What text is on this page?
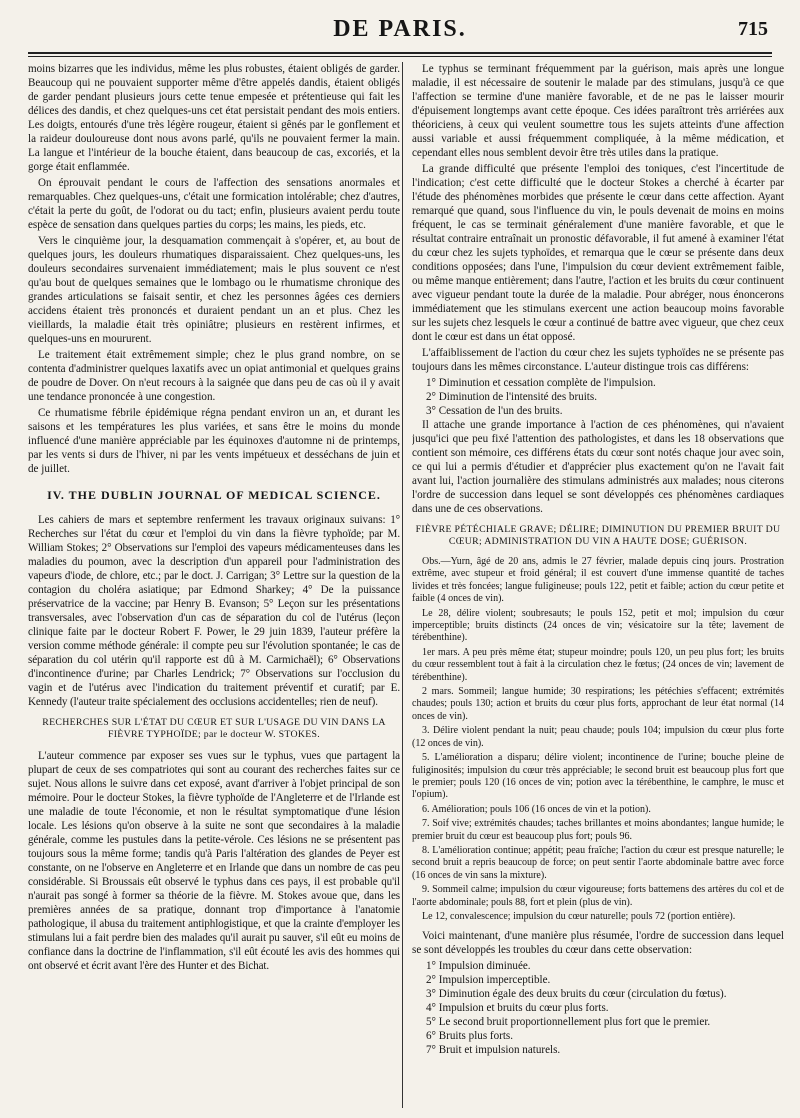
DE PARIS.	715

moins bizarres que les individus, même les plus robustes, étaient obligés de garder. Beaucoup qui ne pouvaient supporter même d'être appelés dandis, étaient obligés de garder pendant plusieurs jours cette tenue empesée et prétentieuse qui fait les délices des dandis, et chez quelques-uns cet état persistait pendant des mois entiers. Les doigts, entourés d'une très légère rougeur, étaient si gênés par le gonflement et la raideur douloureuse dont nous avons parlé, qu'ils ne pouvaient fermer la main. La langue et l'intérieur de la bouche étaient, dans beaucoup de cas, excoriés, et la gorge était enflammée.

On éprouvait pendant le cours de l'affection des sensations anormales et remarquables. Chez quelques-uns, c'était une formication intolérable; chez d'autres, c'était la perte du goût, de l'odorat ou du tact; enfin, plusieurs avaient perdu toute espèce de sensation dans quelques parties du corps; les mains, les pieds, etc.

Vers le cinquième jour, la desquamation commençait à s'opérer, et, au bout de quelques jours, les douleurs rhumatiques disparaissaient. Chez quelques-uns, les douleurs secondaires survenaient immédiatement; mais le plus souvent ce n'est qu'au bout de quelques semaines que le lombago ou le rhumatisme chronique des grandes articulations se faisait sentir, et chez les personnes âgées ces derniers accidens étaient très prononcés et duraient pendant un an et plus. Chez les vieillards, la maladie était très opiniâtre; plusieurs en restèrent infirmes, et quelques-uns en moururent.

Le traitement était extrêmement simple; chez le plus grand nombre, on se contenta d'administrer quelques laxatifs avec un opiat antimonial et quelques grains de poudre de Dover. On n'eut recours à la saignée que dans peu de cas où il y avait une tendance prononcée à une congestion.

Ce rhumatisme fébrile épidémique régna pendant environ un an, et durant les saisons et les températures les plus variées, et sans être le moins du monde influencé d'une manière appréciable par les équinoxes d'automne ni de printemps, par les vents si durs de l'hiver, ni par les vents impétueux et desséchans de juin et de juillet.

IV. THE DUBLIN JOURNAL OF MEDICAL SCIENCE.

Les cahiers de mars et septembre renferment les travaux originaux suivans: 1° Recherches sur l'état du cœur et l'emploi du vin dans la fièvre typhoïde; par M. William Stokes; 2° Observations sur l'emploi des vapeurs médicamenteuses dans les maladies du poumon, avec la description d'un appareil pour l'administration des vapeurs d'iode, de chlore, etc.; par le doct. J. Carrigan; 3° Lettre sur la question de la contagion du choléra asiatique; par Edmond Sharkey; 4° De la puissance préservatrice de la vaccine; par Henry B. Evanson; 5° Leçon sur les présentations transversales, avec l'observation d'un cas de séparation du col de l'utérus (leçon clinique faite par le docteur Robert F. Power, le 29 juin 1839, l'auteur préfère la version comme méthode générale: il compte peu sur l'évolution spontanée; le cas de séparation du col utérin qu'il rapporte est dû à M. Carmichaël); 6° Observations d'incontinence d'urine; par Charles Lendrick; 7° Observations sur l'occlusion du vagin et de l'utérus avec l'indication du traitement préventif et curatif; par E. Kennedy (l'auteur traite spécialement des occlusions accidentelles; rien de neuf).

RECHERCHES SUR L'ÉTAT DU CŒUR ET SUR L'USAGE DU VIN DANS LA FIÈVRE TYPHOÏDE; par le docteur W. STOKES.

L'auteur commence par exposer ses vues sur le typhus, vues que partagent la plupart de ceux de ses compatriotes qui sont au courant des recherches faites sur ce sujet. Nous allons le suivre dans cet exposé, avant d'arriver à l'objet principal de son mémoire. Pour le docteur Stokes, la fièvre typhoïde de l'Angleterre et de l'Irlande est une maladie de toute l'économie, et non le résultat symptomatique d'une lésion locale. Les lésions qu'on observe à la suite ne sont que secondaires à la maladie générale, comme les pustules dans la petite-vérole. Ces lésions ne se présentent pas toujours sous la même forme; tandis qu'à Paris l'altération des glandes de Peyer est constante, on ne l'observe en Angleterre et en Irlande que dans un nombre de cas peu considérable. Si Broussais eût observé le typhus dans ces pays, il est probable qu'il n'aurait pas songé à former sa théorie de la fièvre. M. Stokes avoue que, dans les premières années de sa pratique, donnant trop d'importance à l'anatomie pathologique, il abusa du traitement antiphlogistique, et que la crainte d'employer les stimulans lui a fait perdre bien des malades qu'il aurait pu sauver, s'il eût eu moins de confiance dans la doctrine de l'inflammation, s'il eût écouté les avis des hommes qui ont observé et écrit avant l'ère des Hunter et des Bichat.

Le typhus se terminant fréquemment par la guérison, mais après une longue maladie, il est nécessaire de soutenir le malade par des stimulans, jusqu'à ce que l'affection se termine d'une manière favorable, et de ne pas le laisser mourir d'épuisement longtemps avant cette époque. Ces idées paraîtront très arriérées aux théoriciens, à ceux qui veulent soumettre tous les sujets atteints d'une affection aussi variable et aussi fréquemment compliquée, à la même médication, et cependant elles nous semblent devoir être très utiles dans la pratique.

La grande difficulté que présente l'emploi des toniques, c'est l'incertitude de l'indication; c'est cette difficulté que le docteur Stokes a cherché à écarter par l'étude des phénomènes morbides que présente le cœur dans cette affection. Ayant remarqué que quand, sous l'influence du vin, le pouls devenait de moins en moins fréquent, le cas se terminait généralement d'une manière favorable, et que le résultat contraire entraînait un pronostic défavorable, il fut amené à examiner l'état du cœur chez les sujets typhoïdes, et remarqua que le cœur se présente dans deux conditions opposées; dans l'une, l'impulsion du cœur devient extrêmement faible, ou même manque entièrement; dans l'autre, l'action et les bruits du cœur continuent avec vigueur pendant toute la durée de la maladie. Pour abréger, nous énoncerons immédiatement que les stimulans exercent une action beaucoup moins favorable sur les sujets chez lesquels le cœur a continué de battre avec vigueur, que chez ceux dont le cœur est dans un état opposé.

L'affaiblissement de l'action du cœur chez les sujets typhoïdes ne se présente pas toujours dans les mêmes circonstance. L'auteur distingue trois cas différens:

1° Diminution et cessation complète de l'impulsion.
2° Diminution de l'intensité des bruits.
3° Cessation de l'un des bruits.

Il attache une grande importance à l'action de ces phénomènes, qui n'avaient jusqu'ici que peu fixé l'attention des pathologistes, et dans les 18 observations que contient son mémoire, ces différens états du cœur sont notés chaque jour avec soin, ce qui lui a permis d'étudier et d'apprécier plus exactement qu'on ne l'avait fait avant lui, l'action journalière des stimulans administrés aux malades; nous citerons l'ordre de succession dans lequel se sont développés ces phénomènes cardiaques dans une de ces observations.

FIÈVRE PÉTÉCHIALE GRAVE; DÉLIRE; DIMINUTION DU PREMIER BRUIT DU CŒUR; ADMINISTRATION DU VIN A HAUTE DOSE; GUÉRISON.

Obs.—Yurn, âgé de 20 ans, admis le 27 février, malade depuis cinq jours. Prostration extrême, avec stupeur et froid général; il est couvert d'une immense quantité de taches livides et très foncées; langue fuligineuse; pouls 122, petit et faible; action du cœur petite et faible (4 onces de vin).

Le 28, délire violent; soubresauts; le pouls 152, petit et mol; impulsion du cœur imperceptible; bruits distincts (24 onces de vin; vésicatoire sur la tête; lavement de térébenthine).

1er mars. A peu près même état; stupeur moindre; pouls 120, un peu plus fort; les bruits du cœur ressemblent tout à fait à la circulation chez le fœtus; (24 onces de vin; lavement de térébenthine).

2 mars. Sommeil; langue humide; 30 respirations; les pétéchies s'effacent; extrémités chaudes; pouls 130; action et bruits du cœur plus forts, approchant de leur état normal (14 onces de vin).

3. Délire violent pendant la nuit; peau chaude; pouls 104; impulsion du cœur plus forte (12 onces de vin).

5. L'amélioration a disparu; délire violent; incontinence de l'urine; bouche pleine de fuliginosités; impulsion du cœur très appréciable; le second bruit est beaucoup plus fort que le premier; pouls 120 (16 onces de vin; potion avec la térébenthine, le camphre, le musc et l'opium).

6. Amélioration; pouls 106 (16 onces de vin et la potion).

7. Soif vive; extrémités chaudes; taches brillantes et moins abondantes; langue humide; le premier bruit du cœur est beaucoup plus fort; pouls 96.

8. L'amélioration continue; appétit; peau fraîche; l'action du cœur est presque naturelle; le second bruit a repris beaucoup de force; on peut sentir l'aorte abdominale battre avec force (16 onces de vin sans la mixture).

9. Sommeil calme; impulsion du cœur vigoureuse; forts battemens des artères du col et de l'aorte abdominale; pouls 88, fort et plein (plus de vin).

Le 12, convalescence; impulsion du cœur naturelle; pouls 72 (portion entière).

Voici maintenant, d'une manière plus résumée, l'ordre de succession dans lequel se sont développés les troubles du cœur dans cette observation:

1° Impulsion diminuée.
2° Impulsion imperceptible.
3° Diminution égale des deux bruits du cœur (circulation du fœtus).
4° Impulsion et bruits du cœur plus forts.
5° Le second bruit proportionnellement plus fort que le premier.
6° Bruits plus forts.
7° Bruit et impulsion naturels.
